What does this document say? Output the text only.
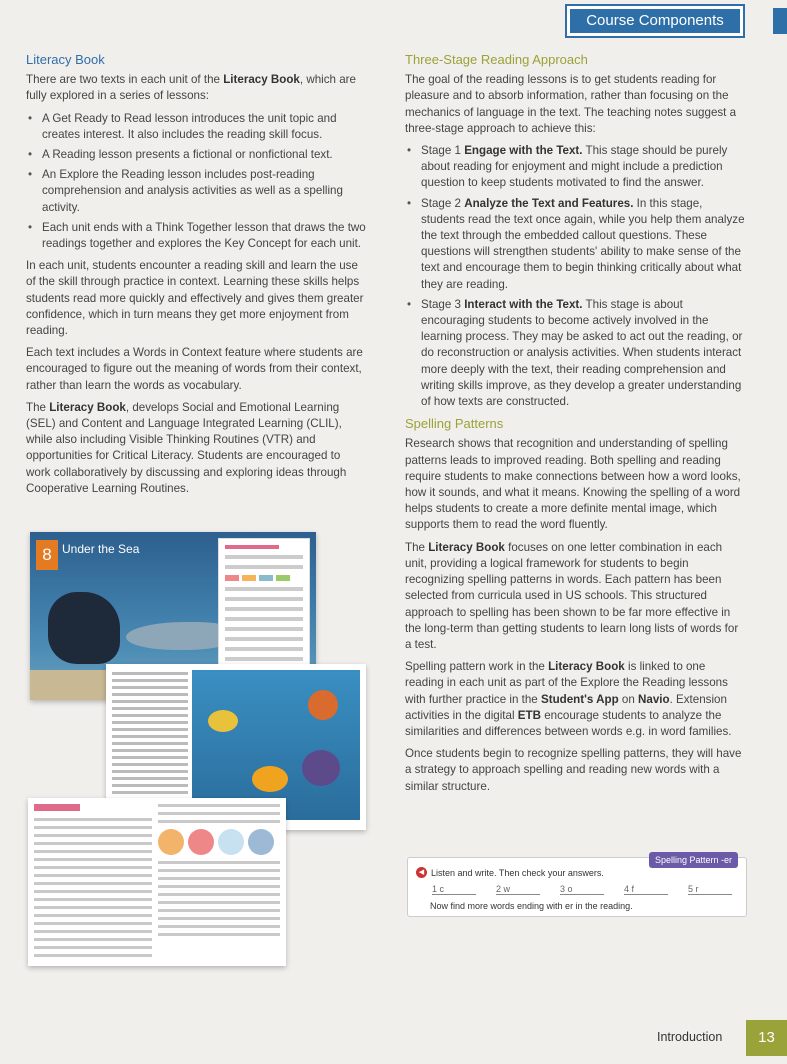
Course Components
Literacy Book

There are two texts in each unit of the Literacy Book, which are fully explored in a series of lessons:

• A Get Ready to Read lesson introduces the unit topic and creates interest. It also includes the reading skill focus.
• A Reading lesson presents a fictional or nonfictional text.
• An Explore the Reading lesson includes post-reading comprehension and analysis activities as well as a spelling activity.
• Each unit ends with a Think Together lesson that draws the two readings together and explores the Key Concept for each unit.

In each unit, students encounter a reading skill and learn the use of the skill through practice in context. Learning these skills helps students read more quickly and effectively and gives them greater confidence, which in turn means they get more enjoyment from reading.

Each text includes a Words in Context feature where students are encouraged to figure out the meaning of words from their context, rather than learn the words as vocabulary.

The Literacy Book, develops Social and Emotional Learning (SEL) and Content and Language Integrated Learning (CLIL), while also including Visible Thinking Routines (VTR) and opportunities for Critical Literacy. Students are encouraged to work collaboratively by discussing and exploring ideas through Cooperative Learning Routines.

8 Under the Sea
Three-Stage Reading Approach

The goal of the reading lessons is to get students reading for pleasure and to absorb information, rather than focusing on the mechanics of language in the text. The teaching notes suggest a three-stage approach to achieve this:

• Stage 1 Engage with the Text. This stage should be purely about reading for enjoyment and might include a prediction question to keep students motivated to find the answer.
• Stage 2 Analyze the Text and Features. In this stage, students read the text once again, while you help them analyze the text through the embedded callout questions. These questions will strengthen students' ability to make sense of the text and encourage them to begin thinking critically about what they are reading.
• Stage 3 Interact with the Text. This stage is about encouraging students to become actively involved in the learning process. They may be asked to act out the reading, or do reconstruction or analysis activities. When students interact more deeply with the text, their reading comprehension and writing skills improve, as they develop a greater understanding of how texts are constructed.
Spelling Patterns

Research shows that recognition and understanding of spelling patterns leads to improved reading. Both spelling and reading require students to make connections between how a word looks, how it sounds, and what it means. Knowing the spelling of a word helps students to create a more definite mental image, which supports them to read the word fluently.

The Literacy Book focuses on one letter combination in each unit, providing a logical framework for students to begin recognizing spelling patterns in words. Each pattern has been selected from curricula used in US schools. This structured approach to spelling has been shown to be far more effective in the long-term than getting students to learn long lists of words for a test.

Spelling pattern work in the Literacy Book is linked to one reading in each unit as part of the Explore the Reading lessons with further practice in the Student's App on Navio. Extension activities in the digital ETB encourage students to analyze the similarities and differences between words e.g. in word families.

Once students begin to recognize spelling patterns, they will have a strategy to approach spelling and reading new words with a similar structure.

Spelling Pattern -er
◀ Listen and write. Then check your answers.
1 c	2 w	3 o	4 f	5 r
Now find more words ending with er in the reading.
Introduction	13
